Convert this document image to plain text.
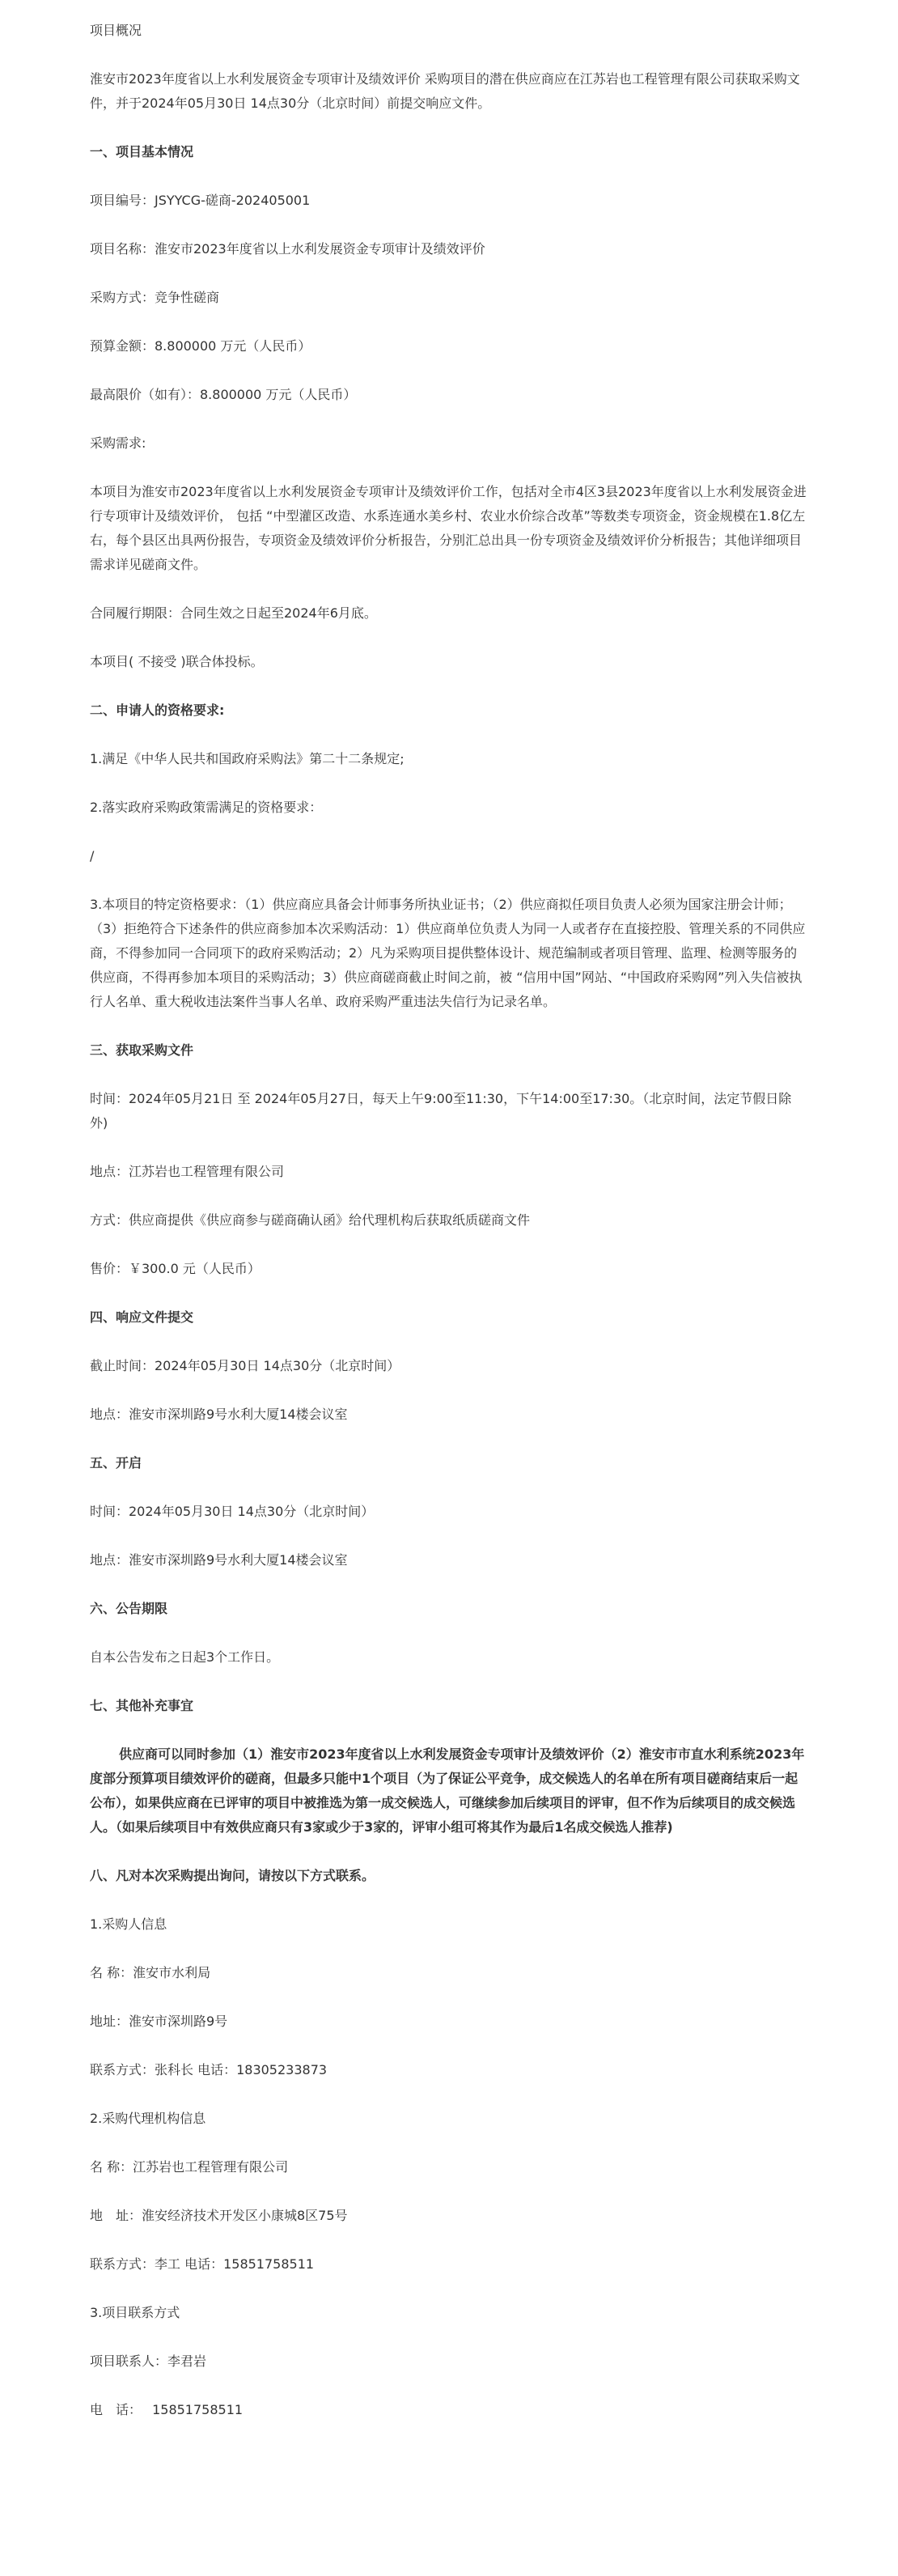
项目概况

淮安市2023年度省以上水利发展资金专项审计及绩效评价 采购项目的潜在供应商应在江苏岩也工程管理有限公司获取采购文件，并于2024年05月30日 14点30分（北京时间）前提交响应文件。

一、项目基本情况

项目编号：JSYYCG-磋商-202405001

项目名称：淮安市2023年度省以上水利发展资金专项审计及绩效评价

采购方式：竞争性磋商

预算金额：8.800000 万元（人民币）

最高限价（如有）：8.800000 万元（人民币）

采购需求:

本项目为淮安市2023年度省以上水利发展资金专项审计及绩效评价工作，包括对全市4区3县2023年度省以上水利发展资金进行专项审计及绩效评价， 包括 “中型灌区改造、水系连通水美乡村、农业水价综合改革”等数类专项资金，资金规模在1.8亿左右，每个县区出具两份报告，专项资金及绩效评价分析报告，分别汇总出具一份专项资金及绩效评价分析报告；其他详细项目需求详见磋商文件。

合同履行期限：合同生效之日起至2024年6月底。

本项目( 不接受 )联合体投标。

二、申请人的资格要求:

1.满足《中华人民共和国政府采购法》第二十二条规定;

2.落实政府采购政策需满足的资格要求：

/

3.本项目的特定资格要求：（1）供应商应具备会计师事务所执业证书；（2）供应商拟任项目负责人必须为国家注册会计师；（3）拒绝符合下述条件的供应商参加本次采购活动：1）供应商单位负责人为同一人或者存在直接控股、管理关系的不同供应商，不得参加同一合同项下的政府采购活动；2）凡为采购项目提供整体设计、规范编制或者项目管理、监理、检测等服务的供应商，不得再参加本项目的采购活动；3）供应商磋商截止时间之前，被 “信用中国”网站、“中国政府采购网”列入失信被执行人名单、重大税收违法案件当事人名单、政府采购严重违法失信行为记录名单。

三、获取采购文件

时间：2024年05月21日 至 2024年05月27日，每天上午9:00至11:30，下午14:00至17:30。（北京时间，法定节假日除外)

地点：江苏岩也工程管理有限公司

方式：供应商提供《供应商参与磋商确认函》给代理机构后获取纸质磋商文件

售价：￥300.0 元（人民币）

四、响应文件提交

截止时间：2024年05月30日 14点30分（北京时间）

地点：淮安市深圳路9号水利大厦14楼会议室

五、开启

时间：2024年05月30日 14点30分（北京时间）

地点：淮安市深圳路9号水利大厦14楼会议室

六、公告期限

自本公告发布之日起3个工作日。

七、其他补充事宜

供应商可以同时参加（1）淮安市2023年度省以上水利发展资金专项审计及绩效评价（2）淮安市市直水利系统2023年度部分预算项目绩效评价的磋商，但最多只能中1个项目（为了保证公平竞争，成交候选人的名单在所有项目磋商结束后一起公布），如果供应商在已评审的项目中被推选为第一成交候选人，可继续参加后续项目的评审，但不作为后续项目的成交候选人。（如果后续项目中有效供应商只有3家或少于3家的，评审小组可将其作为最后1名成交候选人推荐)

八、凡对本次采购提出询问，请按以下方式联系。

1.采购人信息

名 称：淮安市水利局

地址：淮安市深圳路9号

联系方式：张科长 电话：18305233873

2.采购代理机构信息

名 称：江苏岩也工程管理有限公司

地　址：淮安经济技术开发区小康城8区75号

联系方式：李工 电话：15851758511

3.项目联系方式

项目联系人：李君岩

电　话：　 15851758511
